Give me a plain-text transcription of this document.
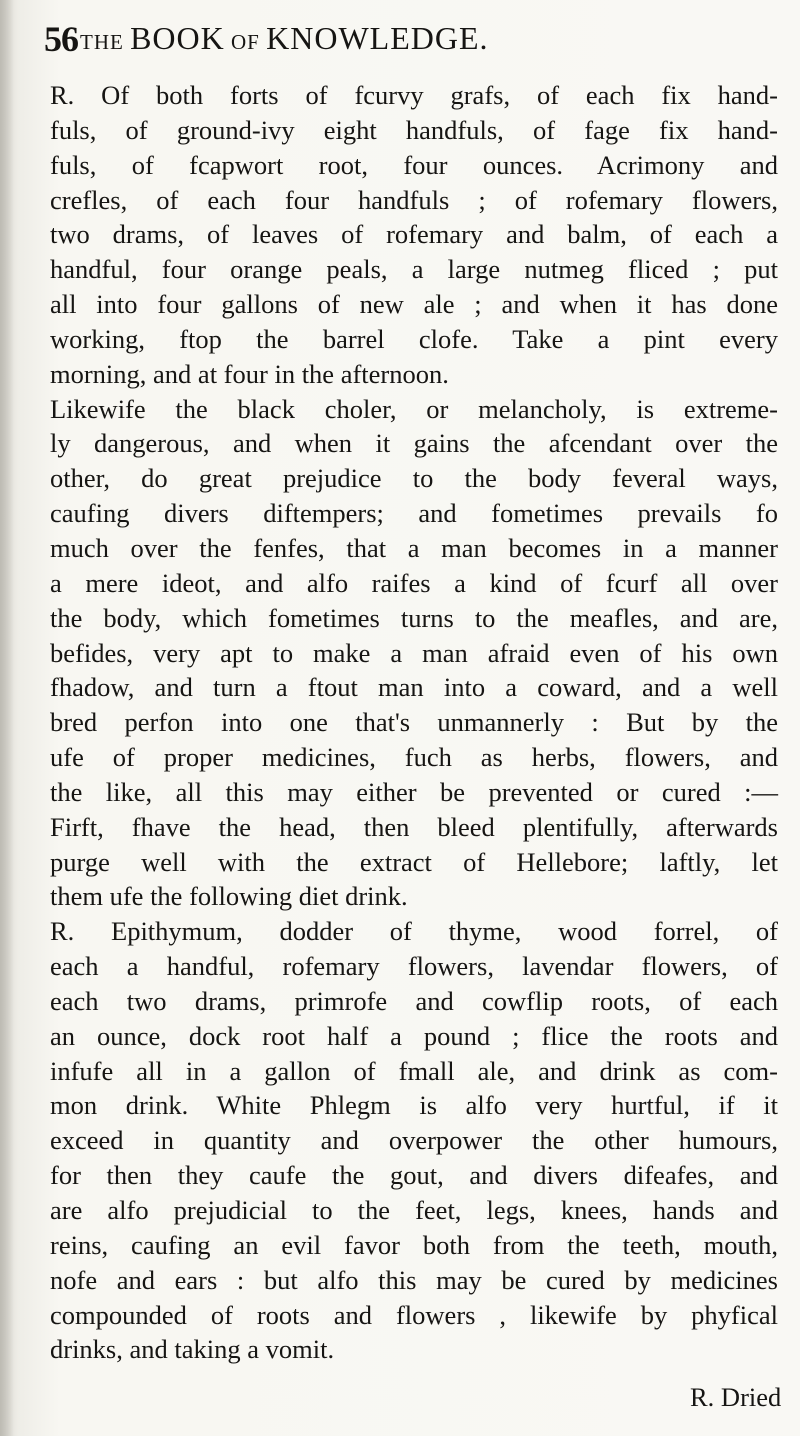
56 THE BOOK OF KNOWLEDGE.
R. Of both forts of fcurvy grafs, of each fix hand-
fuls, of ground-ivy eight handfuls, of fage fix hand-
fuls, of fcapwort root, four ounces. Acrimony and
crefles, of each four handfuls ; of rofemary flowers,
two drams, of leaves of rofemary and balm, of each a
handful, four orange peals, a large nutmeg fliced ; put
all into four gallons of new ale ; and when it has done
working, ftop the barrel clofe. Take a pint every
morning, and at four in the afternoon.
Likewife the black choler, or melancholy, is extreme-
ly dangerous, and when it gains the afcendant over the
other, do great prejudice to the body feveral ways,
caufing divers diftempers; and fometimes prevails fo
much over the fenfes, that a man becomes in a manner
a mere ideot, and alfo raifes a kind of fcurf all over
the body, which fometimes turns to the meafles, and are,
befides, very apt to make a man afraid even of his own
fhadow, and turn a ftout man into a coward, and a well
bred perfon into one that's unmannerly : But by the
ufe of proper medicines, fuch as herbs, flowers, and
the like, all this may either be prevented or cured :—
Firft, fhave the head, then bleed plentifully, afterwards
purge well with the extract of Hellebore; laftly, let
them ufe the following diet drink.
R. Epithymum, dodder of thyme, wood forrel, of
each a handful, rofemary flowers, lavendar flowers, of
each two drams, primrofe and cowflip roots, of each
an ounce, dock root half a pound ; flice the roots and
infufe all in a gallon of fmall ale, and drink as com-
mon drink. White Phlegm is alfo very hurtful, if it
exceed in quantity and overpower the other humours,
for then they caufe the gout, and divers difeafes, and
are alfo prejudicial to the feet, legs, knees, hands and
reins, caufing an evil favor both from the teeth, mouth,
nofe and ears : but alfo this may be cured by medicines
compounded of roots and flowers , likewife by phyfical
drinks, and taking a vomit.
R. Dried
